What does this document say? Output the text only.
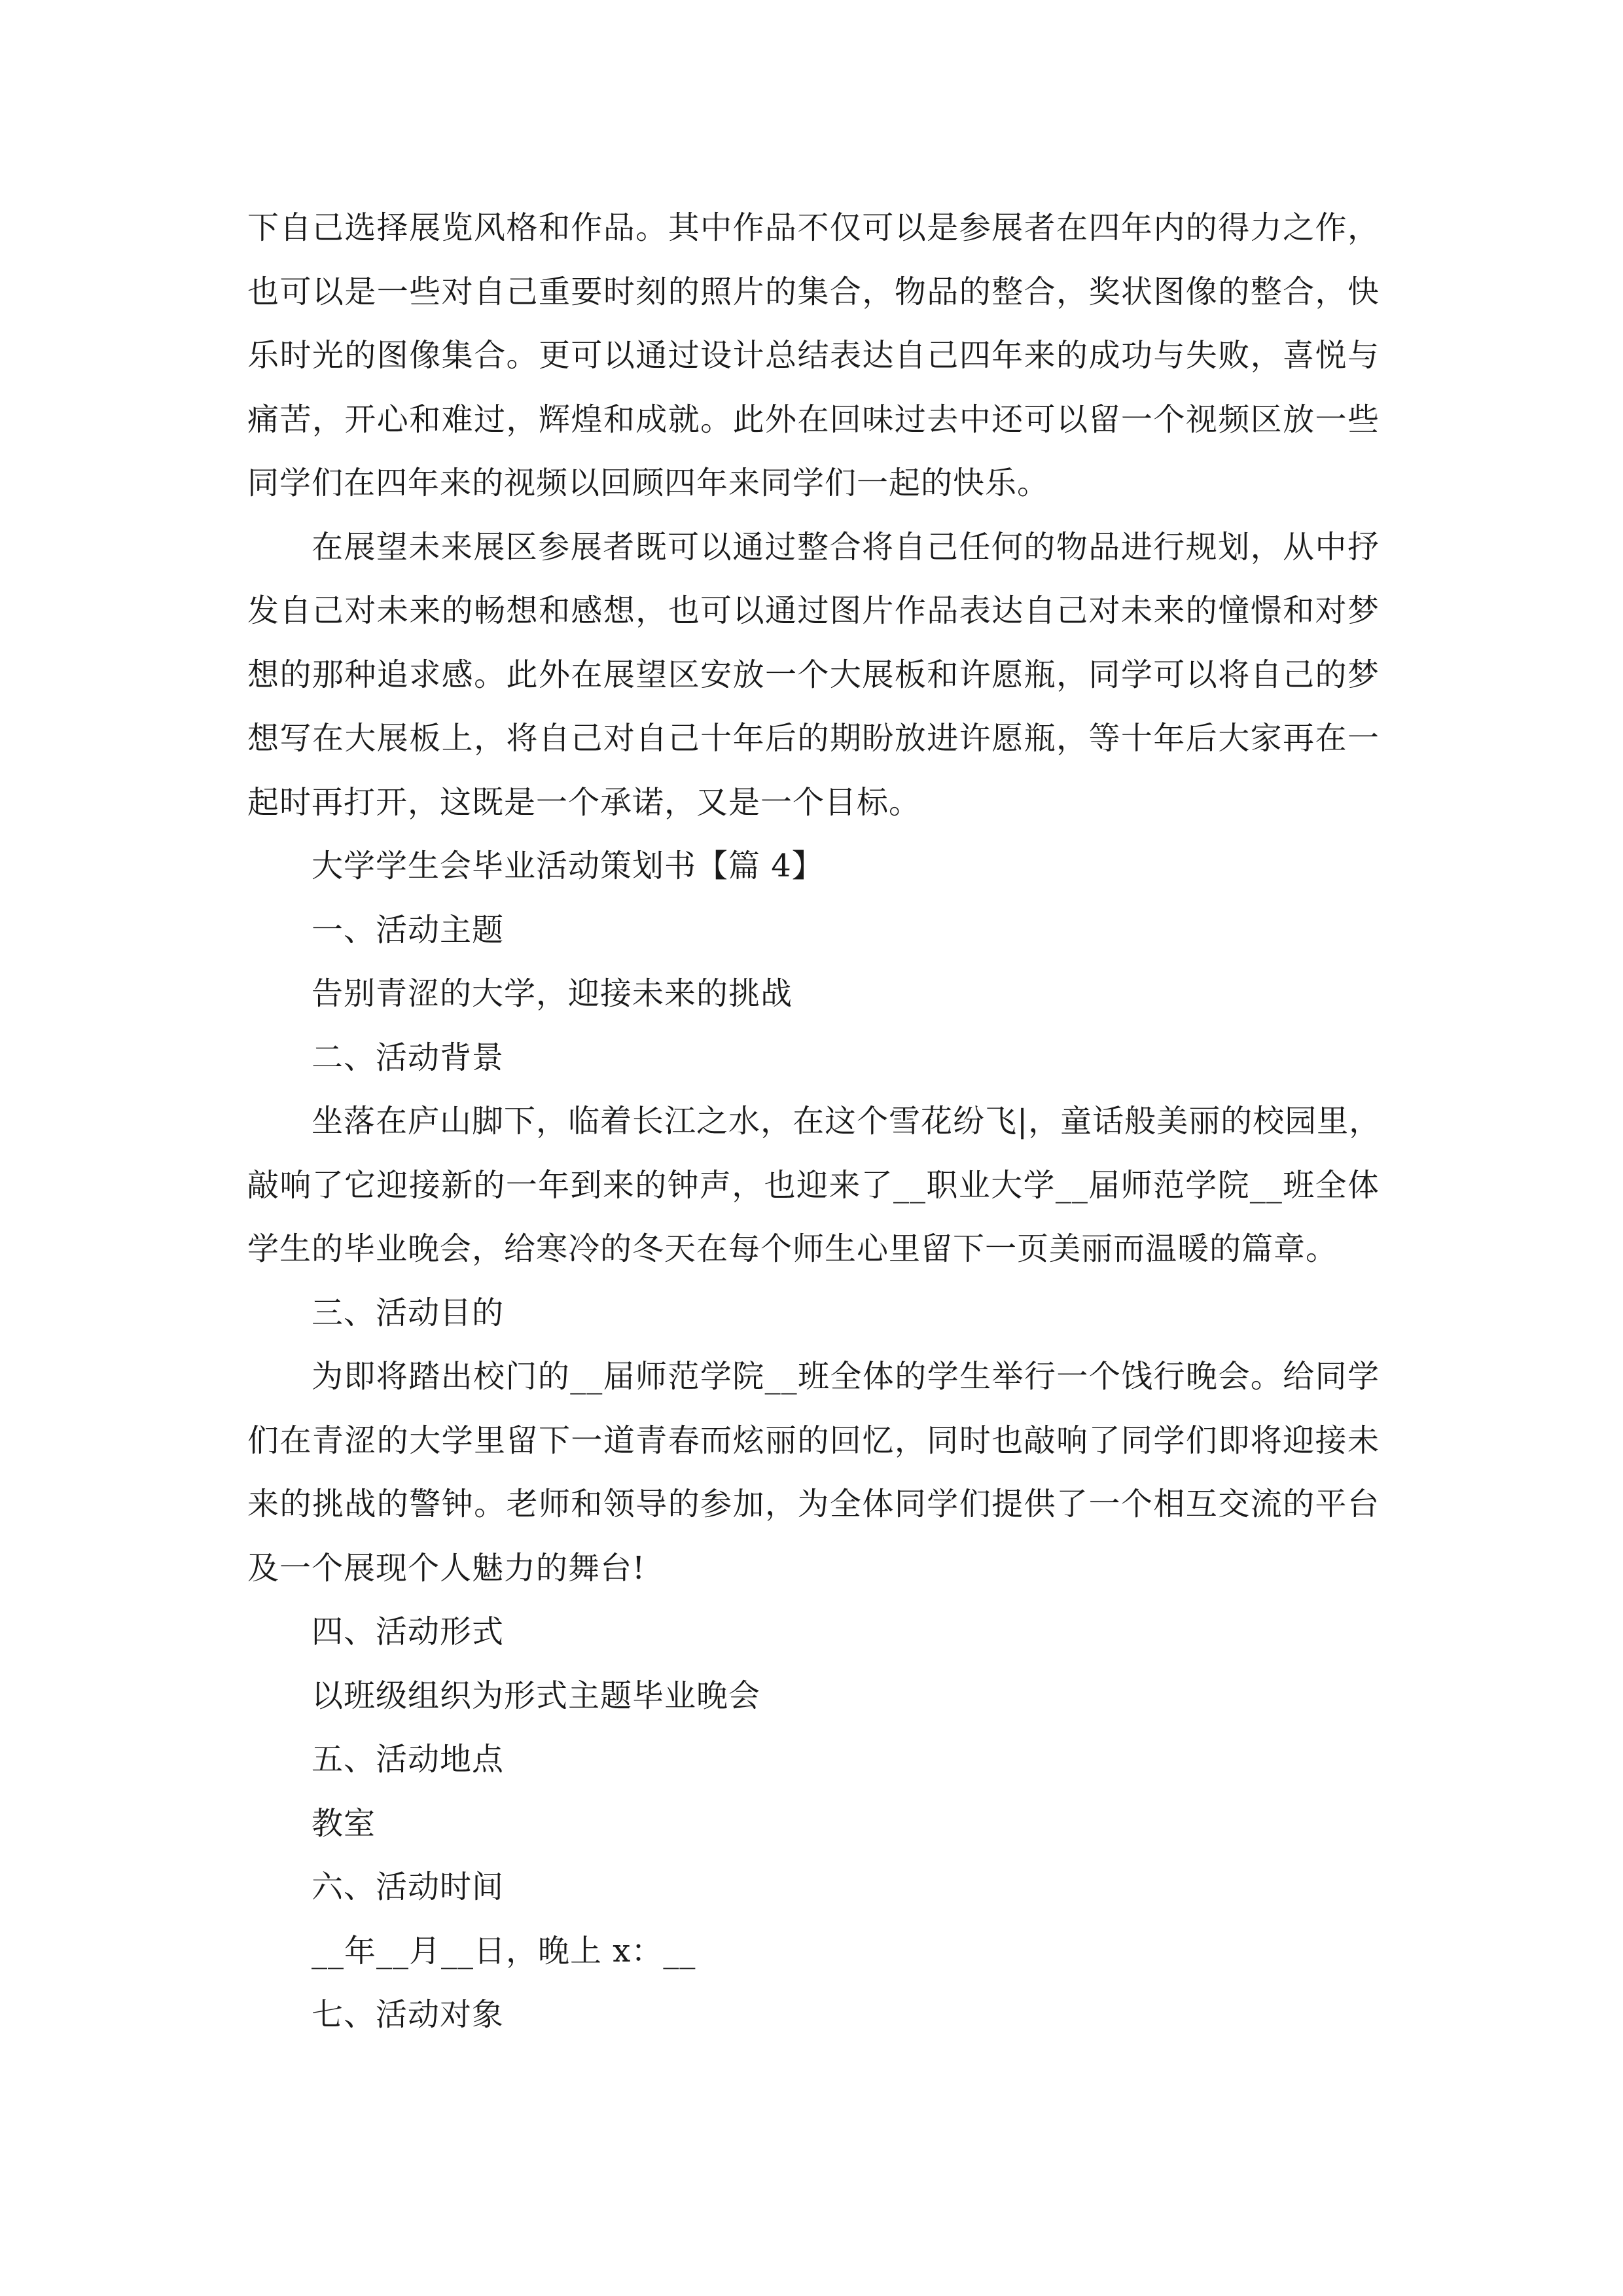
下自己选择展览风格和作品。其中作品不仅可以是参展者在四年内的得力之作，
也可以是一些对自己重要时刻的照片的集合，物品的整合，奖状图像的整合，快
乐时光的图像集合。更可以通过设计总结表达自己四年来的成功与失败，喜悦与
痛苦，开心和难过，辉煌和成就。此外在回味过去中还可以留一个视频区放一些
同学们在四年来的视频以回顾四年来同学们一起的快乐。
在展望未来展区参展者既可以通过整合将自己任何的物品进行规划，从中抒
发自己对未来的畅想和感想，也可以通过图片作品表达自己对未来的憧憬和对梦
想的那种追求感。此外在展望区安放一个大展板和许愿瓶，同学可以将自己的梦
想写在大展板上，将自己对自己十年后的期盼放进许愿瓶，等十年后大家再在一
起时再打开，这既是一个承诺，又是一个目标。
大学学生会毕业活动策划书【篇 4】
一、活动主题
告别青涩的大学，迎接未来的挑战
二、活动背景
坐落在庐山脚下，临着长江之水，在这个雪花纷飞|，童话般美丽的校园里，
敲响了它迎接新的一年到来的钟声，也迎来了__职业大学__届师范学院__班全体
学生的毕业晚会，给寒冷的冬天在每个师生心里留下一页美丽而温暖的篇章。
三、活动目的
为即将踏出校门的__届师范学院__班全体的学生举行一个饯行晚会。给同学
们在青涩的大学里留下一道青春而炫丽的回忆，同时也敲响了同学们即将迎接未
来的挑战的警钟。老师和领导的参加，为全体同学们提供了一个相互交流的平台
及一个展现个人魅力的舞台!
四、活动形式
以班级组织为形式主题毕业晚会
五、活动地点
教室
六、活动时间
__年__月__日，晚上 x：__
七、活动对象
